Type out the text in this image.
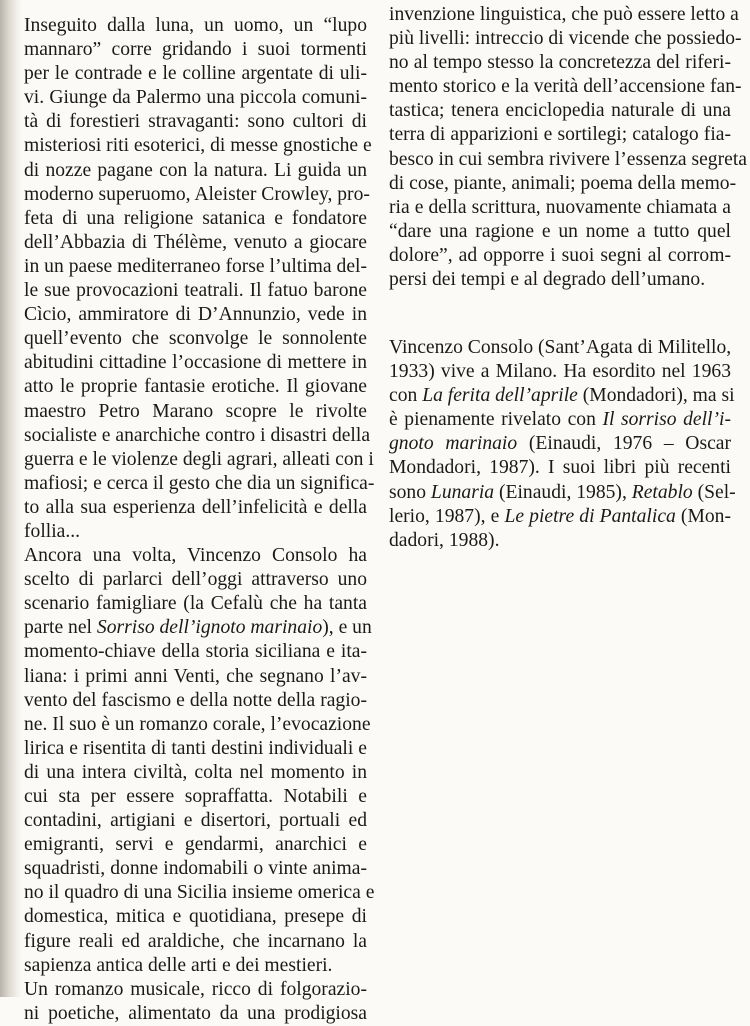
Inseguito dalla luna, un uomo, un “lupo
mannaro” corre gridando i suoi tormenti
per le contrade e le colline argentate di uli-
vi. Giunge da Palermo una piccola comuni-
tà di forestieri stravaganti: sono cultori di
misteriosi riti esoterici, di messe gnostiche e
di nozze pagane con la natura. Li guida un
moderno superuomo, Aleister Crowley, pro-
feta di una religione satanica e fondatore
dell’Abbazia di Thélème, venuto a giocare
in un paese mediterraneo forse l’ultima del-
le sue provocazioni teatrali. Il fatuo barone
Cìcio, ammiratore di D’Annunzio, vede in
quell’evento che sconvolge le sonnolente
abitudini cittadine l’occasione di mettere in
atto le proprie fantasie erotiche. Il giovane
maestro Petro Marano scopre le rivolte
socialiste e anarchiche contro i disastri della
guerra e le violenze degli agrari, alleati con i
mafiosi; e cerca il gesto che dia un significa-
to alla sua esperienza dell’infelicità e della
follia...
Ancora una volta, Vincenzo Consolo ha
scelto di parlarci dell’oggi attraverso uno
scenario famigliare (la Cefalù che ha tanta
parte nel Sorriso dell’ignoto marinaio), e un
momento-chiave della storia siciliana e ita-
liana: i primi anni Venti, che segnano l’av-
vento del fascismo e della notte della ragio-
ne. Il suo è un romanzo corale, l’evocazione
lirica e risentita di tanti destini individuali e
di una intera civiltà, colta nel momento in
cui sta per essere sopraffatta. Notabili e
contadini, artigiani e disertori, portuali ed
emigranti, servi e gendarmi, anarchici e
squadristi, donne indomabili o vinte anima-
no il quadro di una Sicilia insieme omerica e
domestica, mitica e quotidiana, presepe di
figure reali ed araldiche, che incarnano la
sapienza antica delle arti e dei mestieri.
Un romanzo musicale, ricco di folgorazio-
ni poetiche, alimentato da una prodigiosa
invenzione linguistica, che può essere letto a
più livelli: intreccio di vicende che possiedo-
no al tempo stesso la concretezza del riferi-
mento storico e la verità dell’accensione fan-
tastica; tenera enciclopedia naturale di una
terra di apparizioni e sortilegi; catalogo fia-
besco in cui sembra rivivere l’essenza segreta
di cose, piante, animali; poema della memo-
ria e della scrittura, nuovamente chiamata a
“dare una ragione e un nome a tutto quel
dolore”, ad opporre i suoi segni al corrom-
persi dei tempi e al degrado dell’umano.
Vincenzo Consolo (Sant’Agata di Militello,
1933) vive a Milano. Ha esordito nel 1963
con La ferita dell’aprile (Mondadori), ma si
è pienamente rivelato con Il sorriso dell’i-
gnoto marinaio (Einaudi, 1976 – Oscar
Mondadori, 1987). I suoi libri più recenti
sono Lunaria (Einaudi, 1985), Retablo (Sel-
lerio, 1987), e Le pietre di Pantalica (Mon-
dadori, 1988).
